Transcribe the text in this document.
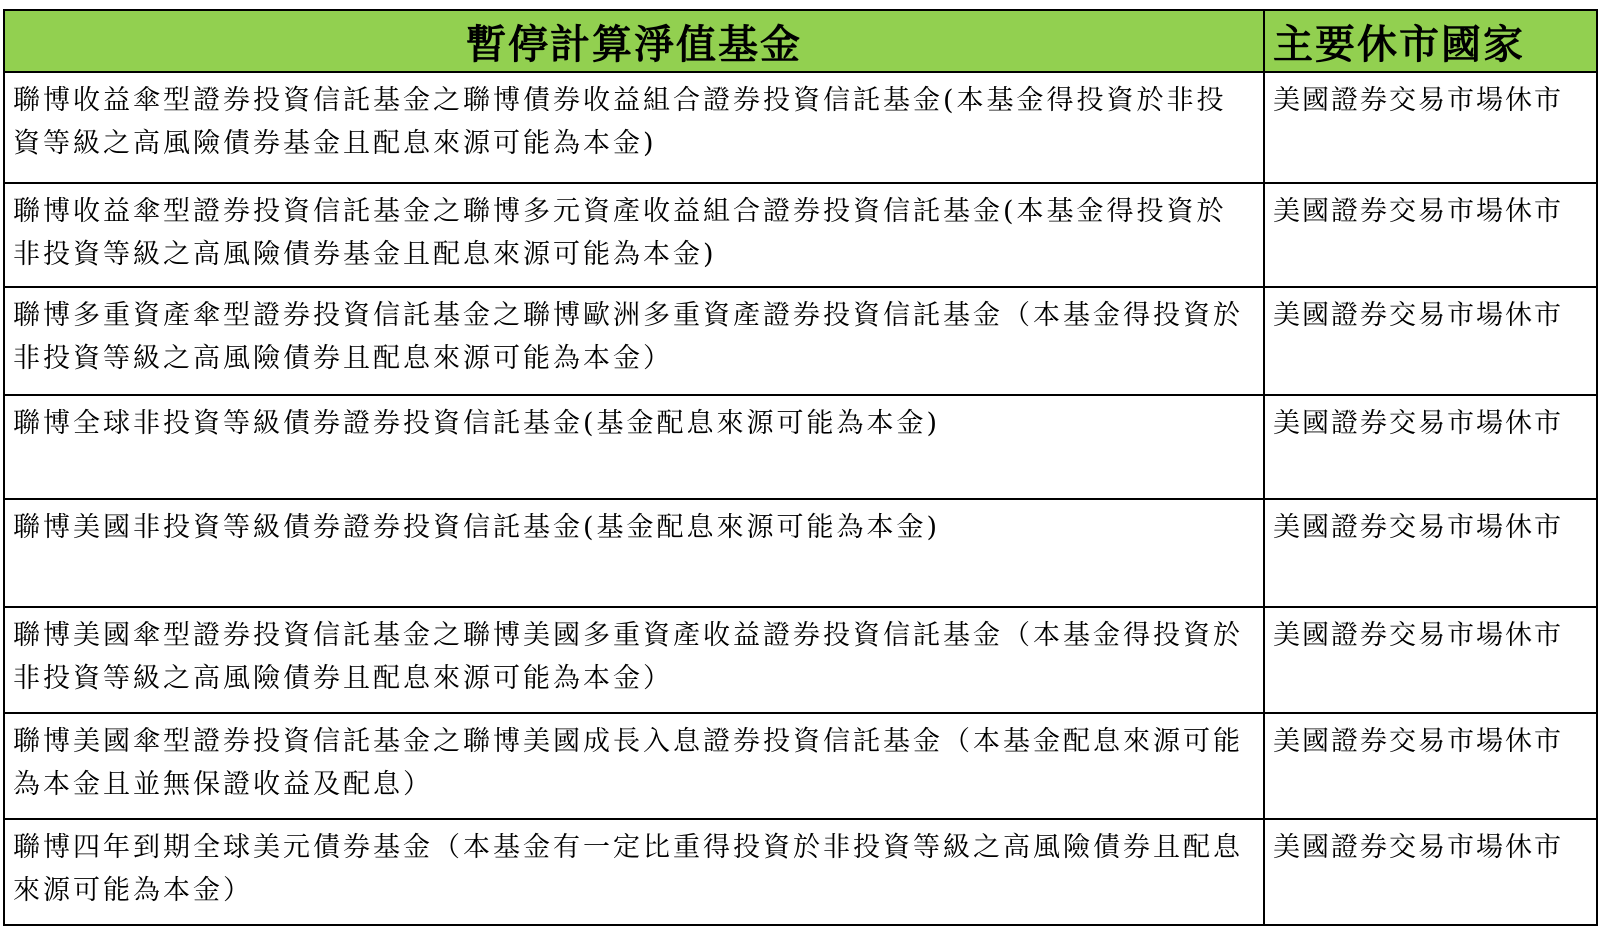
暫停計算淨值基金	主要休市國家
聯博收益傘型證券投資信託基金之聯博債券收益組合證券投資信託基金(本基金得投資於非投資等級之高風險債券基金且配息來源可能為本金)	美國證券交易市場休市
聯博收益傘型證券投資信託基金之聯博多元資產收益組合證券投資信託基金(本基金得投資於非投資等級之高風險債券基金且配息來源可能為本金)	美國證券交易市場休市
聯博多重資產傘型證券投資信託基金之聯博歐洲多重資產證券投資信託基金（本基金得投資於非投資等級之高風險債券且配息來源可能為本金）	美國證券交易市場休市
聯博全球非投資等級債券證券投資信託基金(基金配息來源可能為本金)	美國證券交易市場休市
聯博美國非投資等級債券證券投資信託基金(基金配息來源可能為本金)	美國證券交易市場休市
聯博美國傘型證券投資信託基金之聯博美國多重資產收益證券投資信託基金（本基金得投資於非投資等級之高風險債券且配息來源可能為本金）	美國證券交易市場休市
聯博美國傘型證券投資信託基金之聯博美國成長入息證券投資信託基金（本基金配息來源可能為本金且並無保證收益及配息）	美國證券交易市場休市
聯博四年到期全球美元債券基金（本基金有一定比重得投資於非投資等級之高風險債券且配息來源可能為本金）	美國證券交易市場休市
